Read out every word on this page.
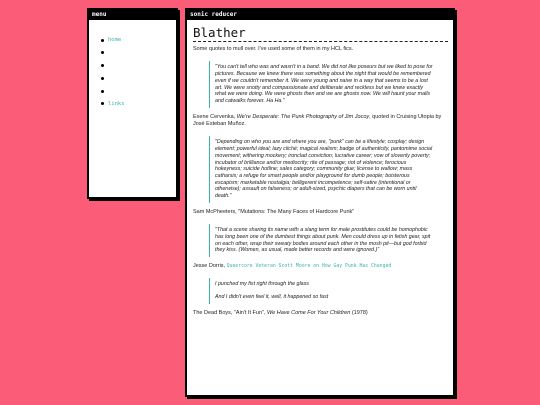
menu
home
links
sonic reducer
Blather
Some quotes to mull over. I've used some of them in my HCL fics.
"You can't tell who was and wasn't in a band. We did not like poseurs but we liked to pose for pictures. Because we knew there was something about the night that would be remembered even if we couldn't remember it. We were young and naive in a way that seems to be a lost art. We were snotty and compassionate and deliberate and reckless but we knew exactly what we were doing. We were ghosts then and we are ghosts now. We will haunt your malls and catwalks forever. Ha Ha."
Exene Cervenka, We're Desperate: The Punk Photography of Jim Jocoy, quoted in Cruising Utopia by José Esteban Muñoz.
"Depending on who you are and where you are, "punk" can be a lifestyle; cosplay; design element; powerful ideal; lazy cliché; magical realism; badge of authenticity, pantomime social movement; withering mockery; ironclad conviction; lucrative career; vow of slovenly poverty; incubator of brilliance and/or mediocrity; rite of passage; riot of violence; ferocious hokeyness; suicide hotline; sales category; community glue; license to wallow; mass catharsis; a refuge for smart people and/or playground for dumb people; boisterous escapism; marketable nostalgia; belligerent incompetence; self-satire (intentional or otherwise); assault on falseness; or adult-sized, psychic diapers that can be worn until death."
Sam McPheeters, "Mutations: The Many Faces of Hardcore Punk"
"That a scene sharing its name with a slang term for male prostitutes could be homophobic has long been one of the dumbest things about punk. Men could dress up in fetish gear, spit on each other, wrap their sweaty bodies around each other in the mosh pit—but god forbid they kiss. (Women, as usual, made better records and were ignored.)"
Jesse Dorris, Queercore Veteran Scott Moore on How Gay Punk Has Changed
I punched my fist right through the glass
And I didn't even feel it, well, it happened so fast
The Dead Boys, "Ain't It Fun", We Have Come For Your Children (1978)
